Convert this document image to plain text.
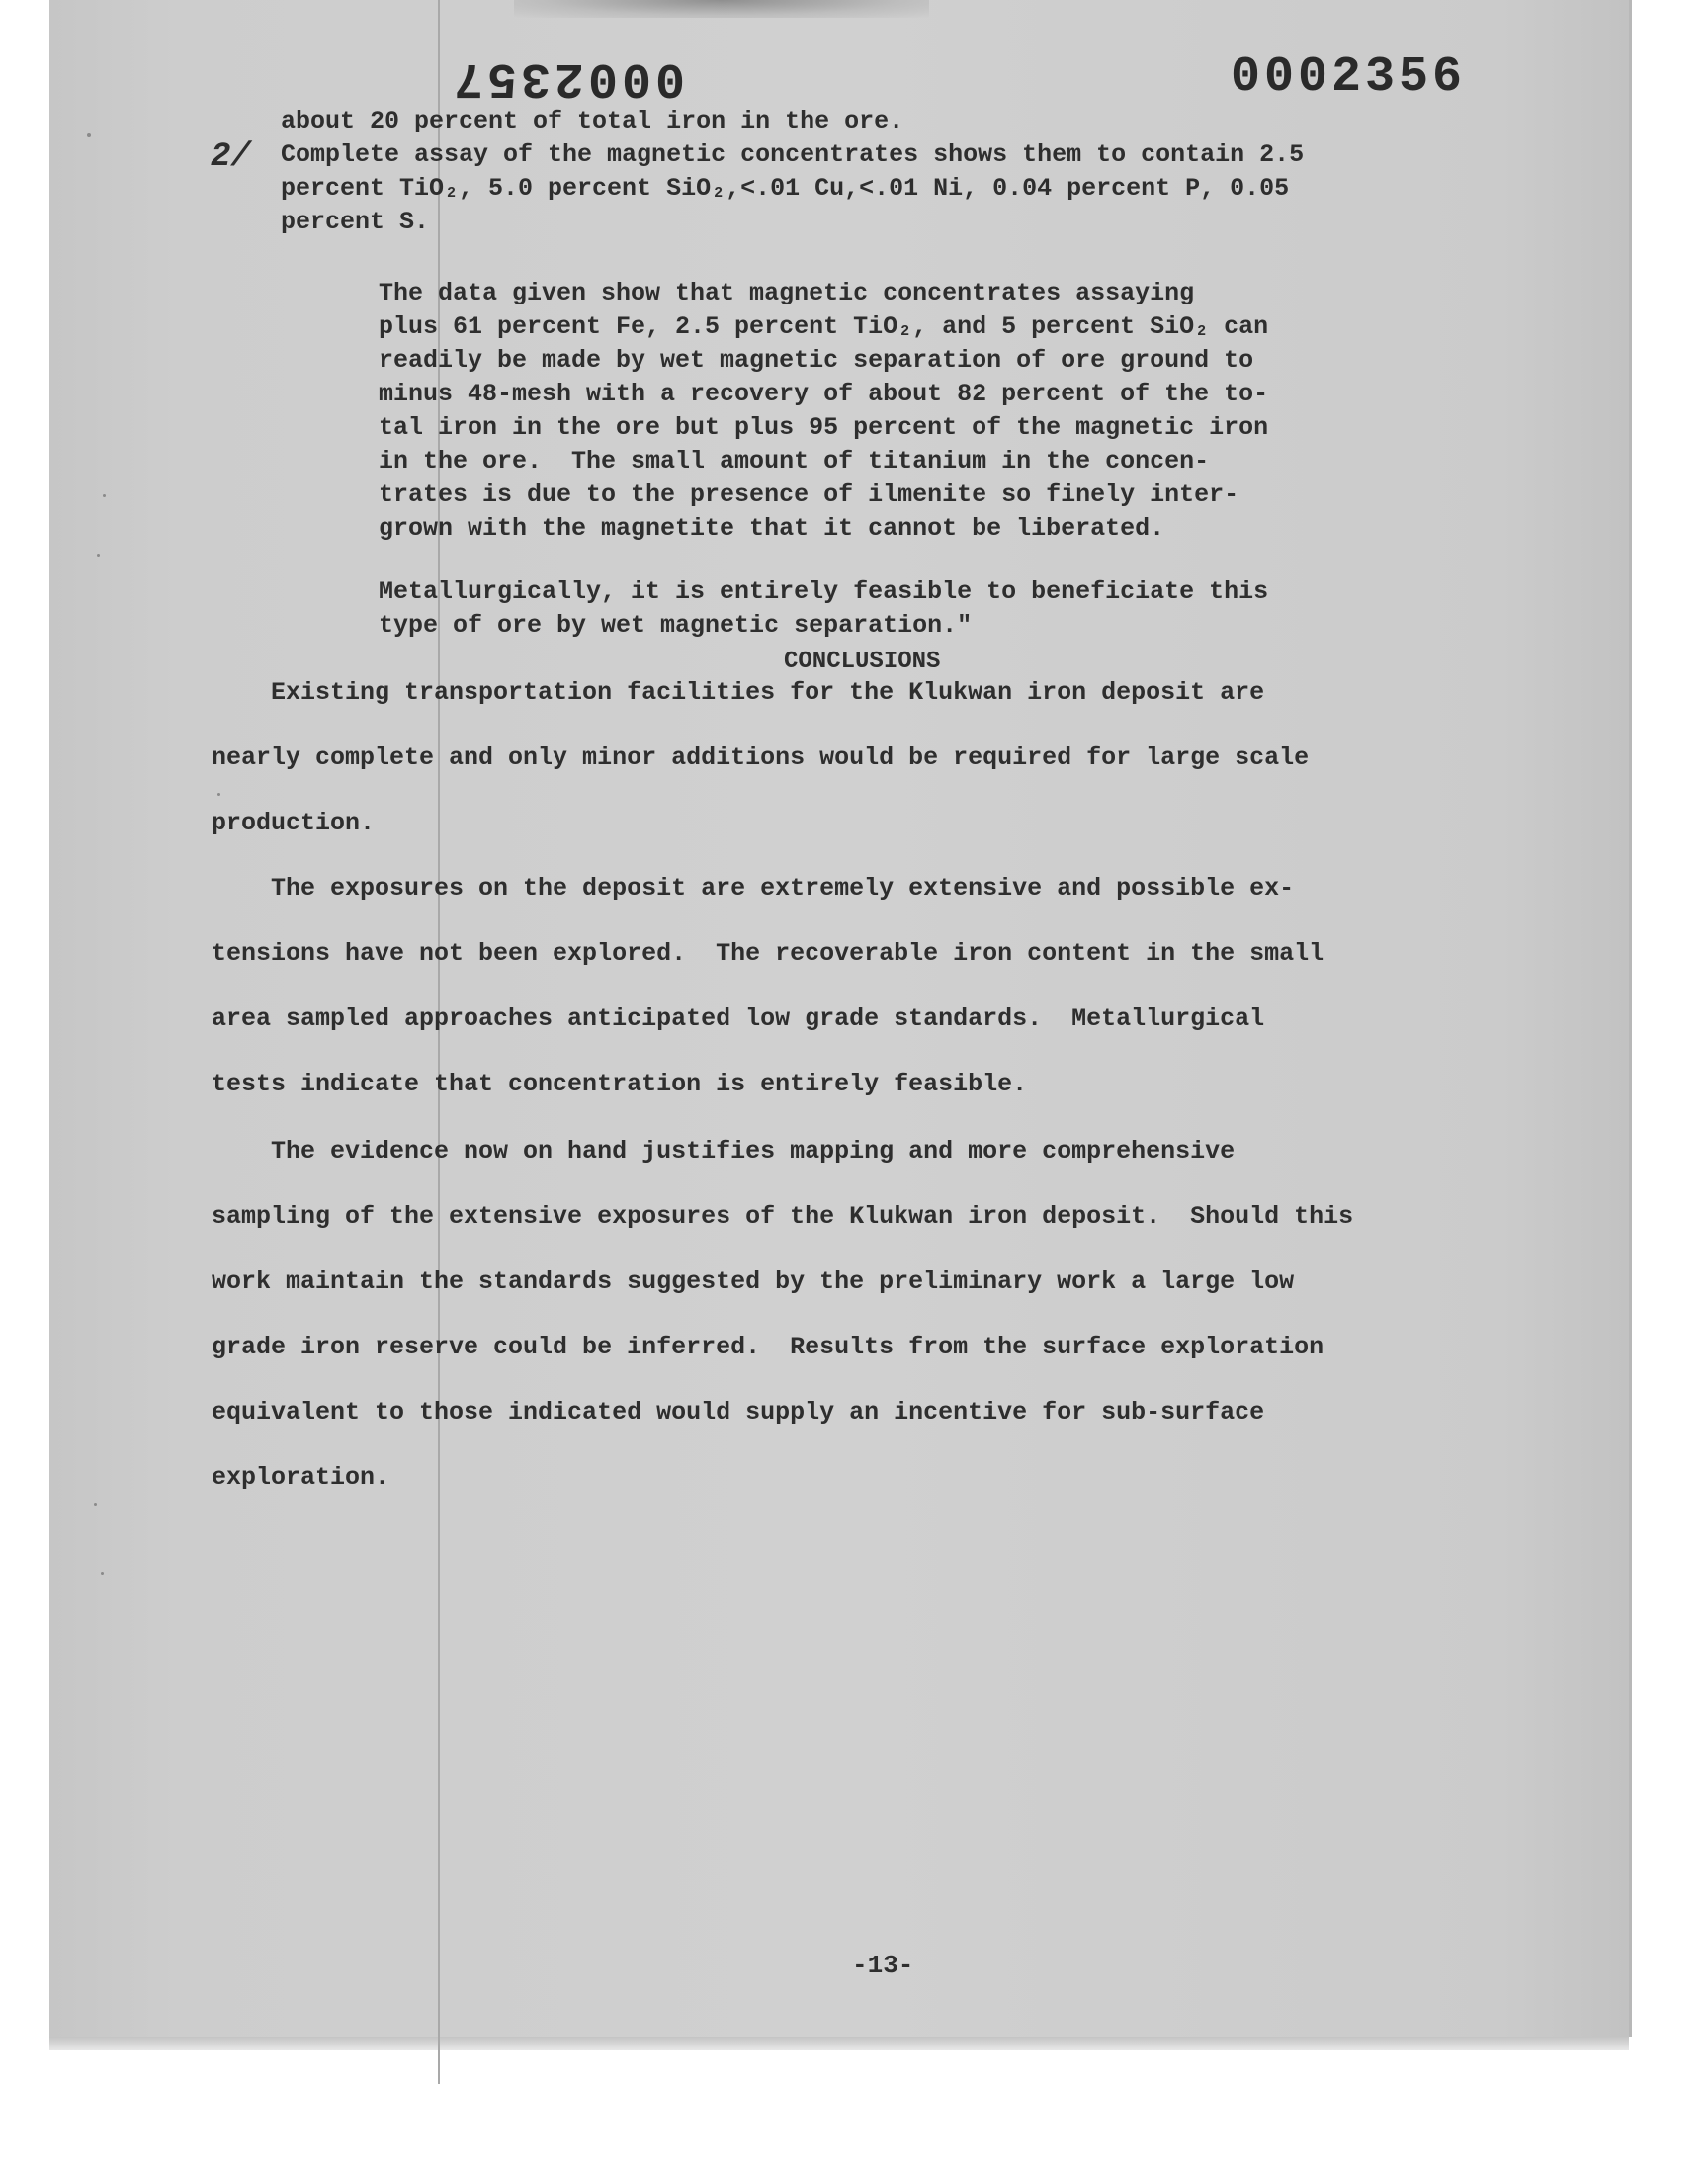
0002357	0002356
2/
about 20 percent of total iron in the ore.
Complete assay of the magnetic concentrates shows them to contain 2.5
percent TiO₂, 5.0 percent SiO₂,<.01 Cu,<.01 Ni, 0.04 percent P, 0.05
percent S.
The data given show that magnetic concentrates assaying
plus 61 percent Fe, 2.5 percent TiO₂, and 5 percent SiO₂ can
readily be made by wet magnetic separation of ore ground to
minus 48-mesh with a recovery of about 82 percent of the to-
tal iron in the ore but plus 95 percent of the magnetic iron
in the ore.  The small amount of titanium in the concen-
trates is due to the presence of ilmenite so finely inter-
grown with the magnetite that it cannot be liberated.
Metallurgically, it is entirely feasible to beneficiate this
type of ore by wet magnetic separation."
CONCLUSIONS
Existing transportation facilities for the Klukwan iron deposit are
nearly complete and only minor additions would be required for large scale
production.
The exposures on the deposit are extremely extensive and possible ex-
tensions have not been explored.  The recoverable iron content in the small
area sampled approaches anticipated low grade standards.  Metallurgical
tests indicate that concentration is entirely feasible.
The evidence now on hand justifies mapping and more comprehensive
sampling of the extensive exposures of the Klukwan iron deposit.  Should this
work maintain the standards suggested by the preliminary work a large low
grade iron reserve could be inferred.  Results from the surface exploration
equivalent to those indicated would supply an incentive for sub-surface
exploration.
-13-
